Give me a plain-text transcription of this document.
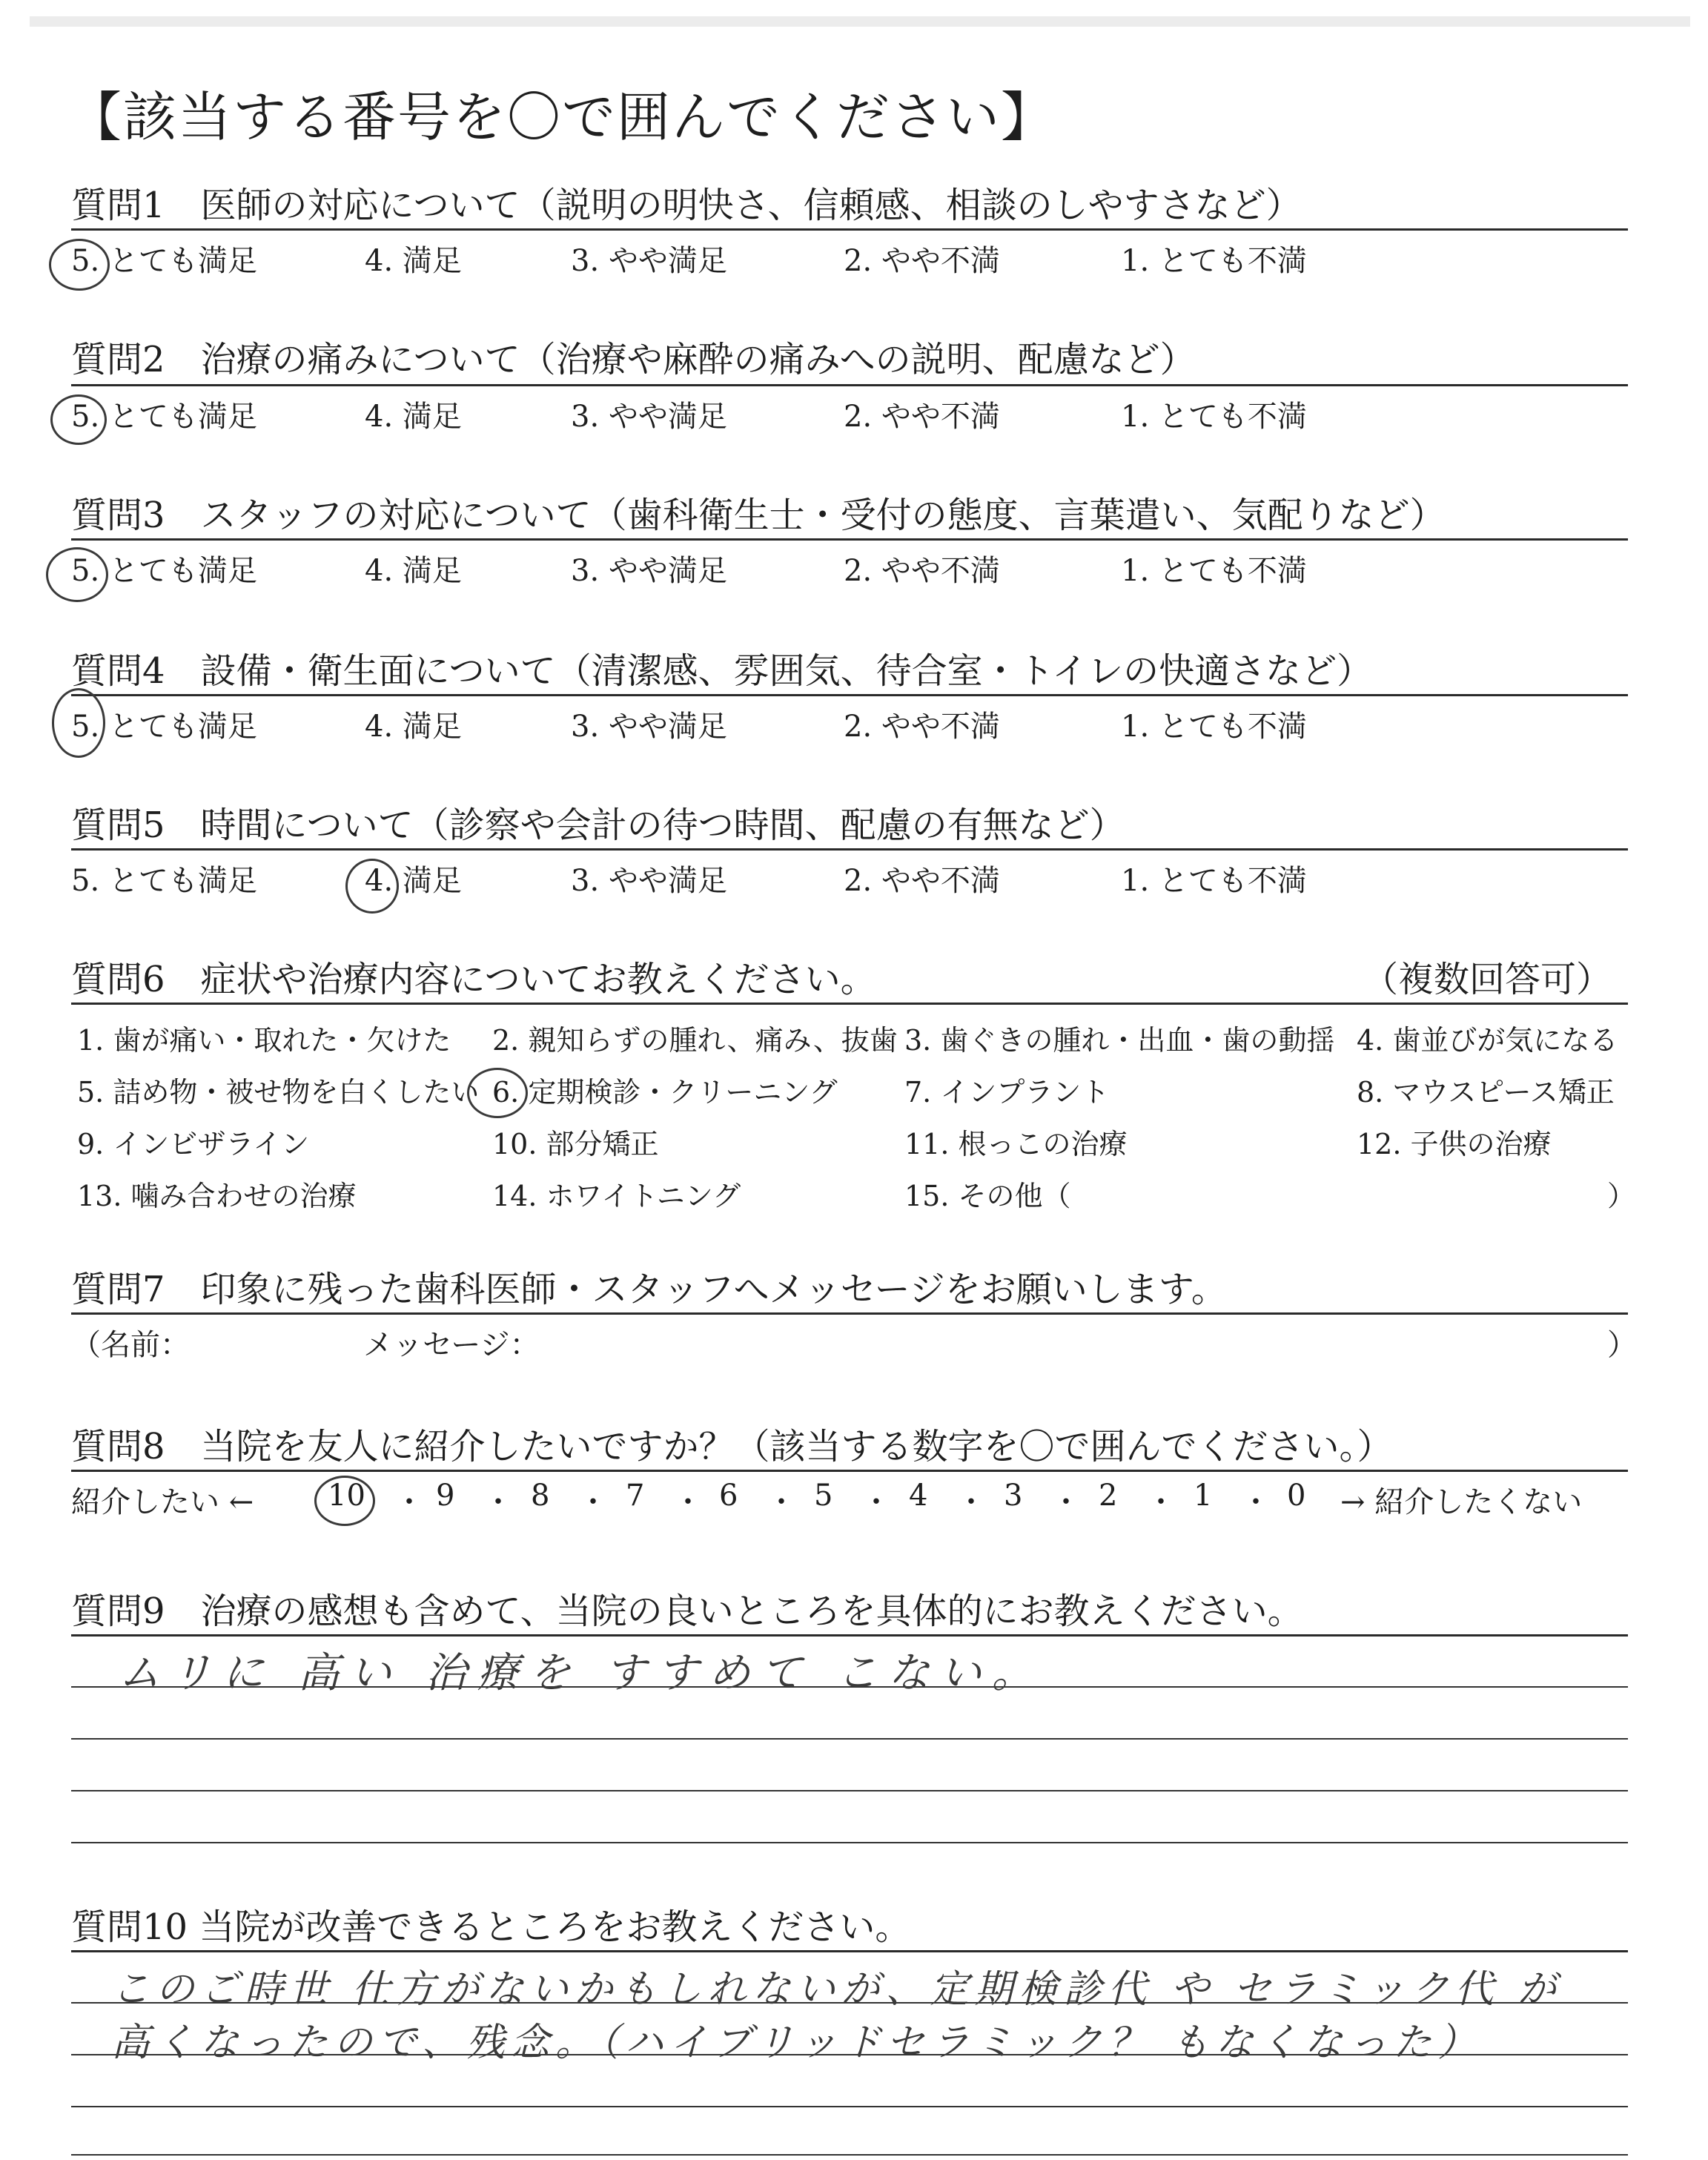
【該当する番号を〇で囲んでください】
質問1　医師の対応について（説明の明快さ、信頼感、相談のしやすさなど）
5. とても満足	4. 満足	3. やや満足	2. やや不満	1. とても不満
質問2　治療の痛みについて（治療や麻酔の痛みへの説明、配慮など）
5. とても満足	4. 満足	3. やや満足	2. やや不満	1. とても不満
質問3　スタッフの対応について（歯科衛生士・受付の態度、言葉遣い、気配りなど）
5. とても満足	4. 満足	3. やや満足	2. やや不満	1. とても不満
質問4　設備・衛生面について（清潔感、雰囲気、待合室・トイレの快適さなど）
5. とても満足	4. 満足	3. やや満足	2. やや不満	1. とても不満
質問5　時間について（診察や会計の待つ時間、配慮の有無など）
5. とても満足	4. 満足	3. やや満足	2. やや不満	1. とても不満
質問6　症状や治療内容についてお教えください。	（複数回答可）
1. 歯が痛い・取れた・欠けた 2. 親知らずの腫れ、痛み、抜歯 3. 歯ぐきの腫れ・出血・歯の動揺 4. 歯並びが気になる
5. 詰め物・被せ物を白くしたい 6. 定期検診・クリーニング 7. インプラント	8. マウスピース矯正
9. インビザライン	10. 部分矯正	11. 根っこの治療	12. 子供の治療
13. 噛み合わせの治療	14. ホワイトニング	15. その他（	）
質問7　印象に残った歯科医師・スタッフへメッセージをお願いします。
（名前：	メッセージ：	）
質問8　当院を友人に紹介したいですか？（該当する数字を〇で囲んでください。）
紹介したい ← 10 ・ 9 ・ 8 ・ 7 ・ 6 ・ 5 ・ 4 ・ 3 ・ 2 ・ 1 ・ 0 → 紹介したくない
質問9　治療の感想も含めて、当院の良いところを具体的にお教えください。
ムリに 高い 治療を すすめて こない。
質問10 当院が改善できるところをお教えください。
このご時世 仕方がないかもしれないが、定期検診代 や セラミック代 が
高くなったので、残念。（ハイブリッドセラミック？ もなくなった）
